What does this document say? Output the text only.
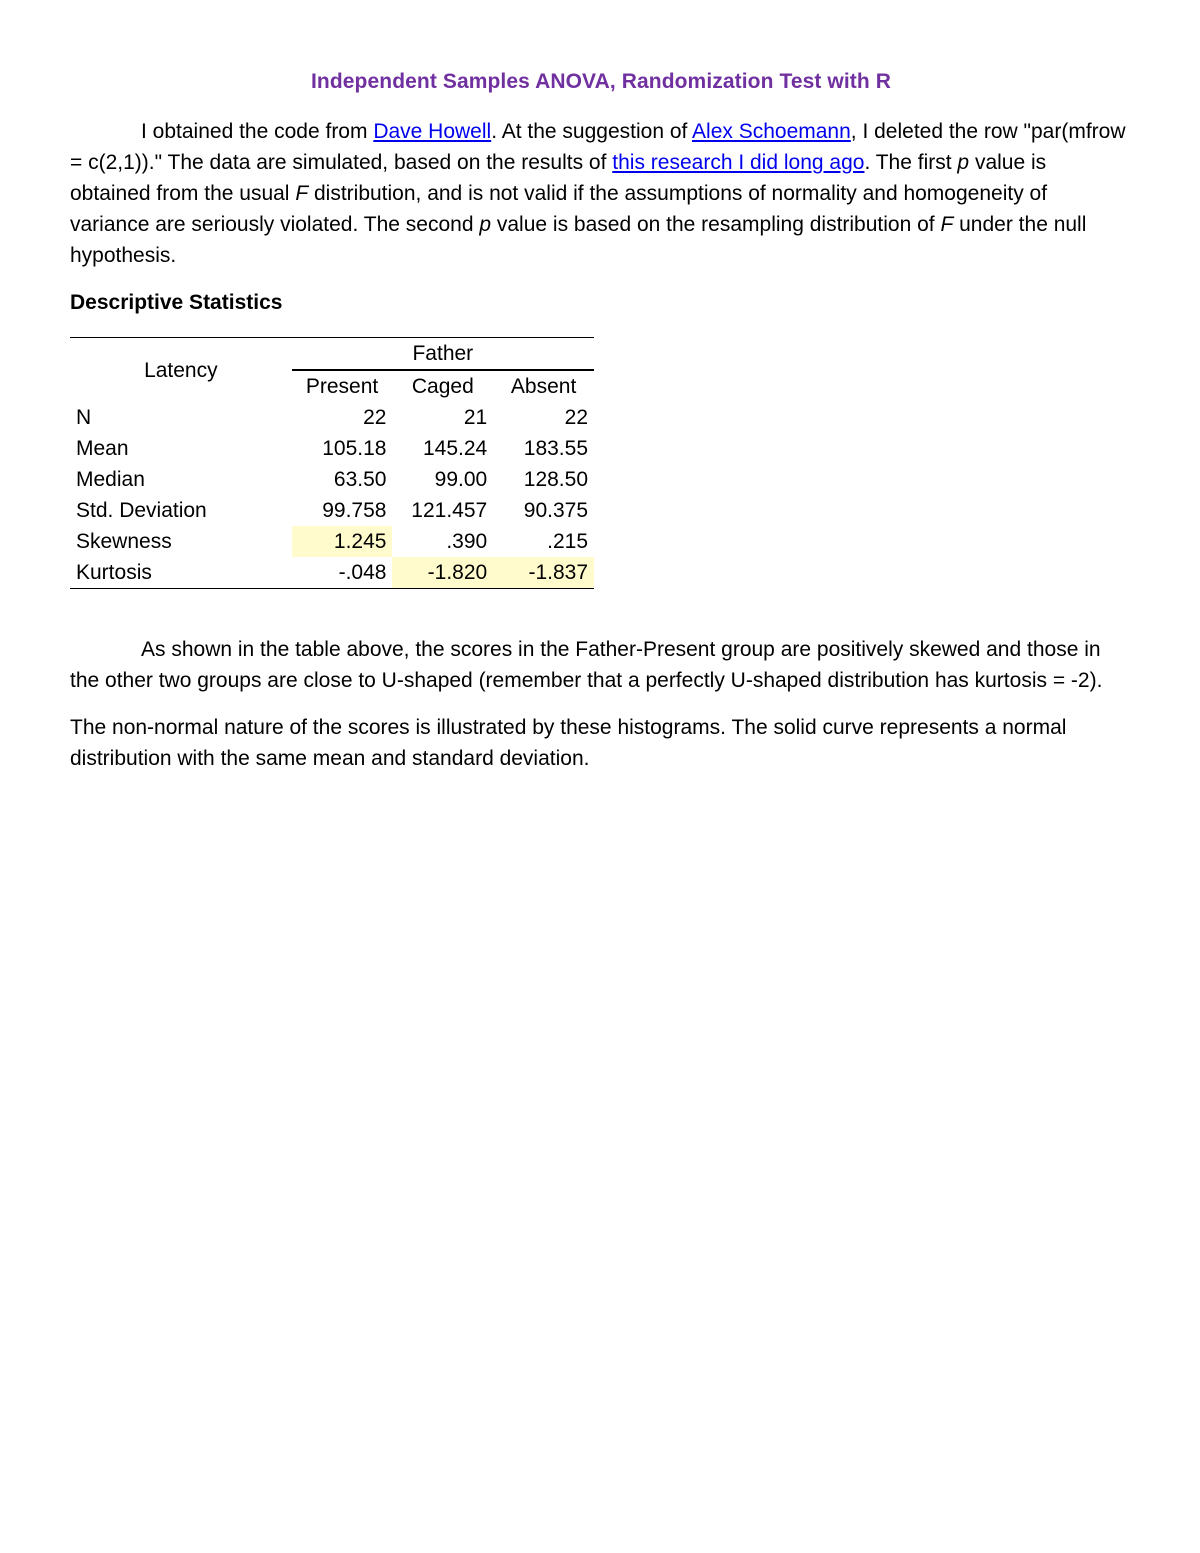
Independent Samples ANOVA, Randomization Test with R

I obtained the code from Dave Howell. At the suggestion of Alex Schoemann, I deleted the row "par(mfrow = c(2,1))." The data are simulated, based on the results of this research I did long ago. The first p value is obtained from the usual F distribution, and is not valid if the assumptions of normality and homogeneity of variance are seriously violated. The second p value is based on the resampling distribution of F under the null hypothesis.

Descriptive Statistics
Latency	Father		
	Present	Caged	Absent
N	22	21	22
Mean	105.18	145.24	183.55
Median	63.50	99.00	128.50
Std. Deviation	99.758	121.457	90.375
Skewness	1.245	.390	.215
Kurtosis	-.048	-1.820	-1.837

As shown in the table above, the scores in the Father-Present group are positively skewed and those in the other two groups are close to U-shaped (remember that a perfectly U-shaped distribution has kurtosis = -2).

The non-normal nature of the scores is illustrated by these histograms. The solid curve represents a normal distribution with the same mean and standard deviation.
